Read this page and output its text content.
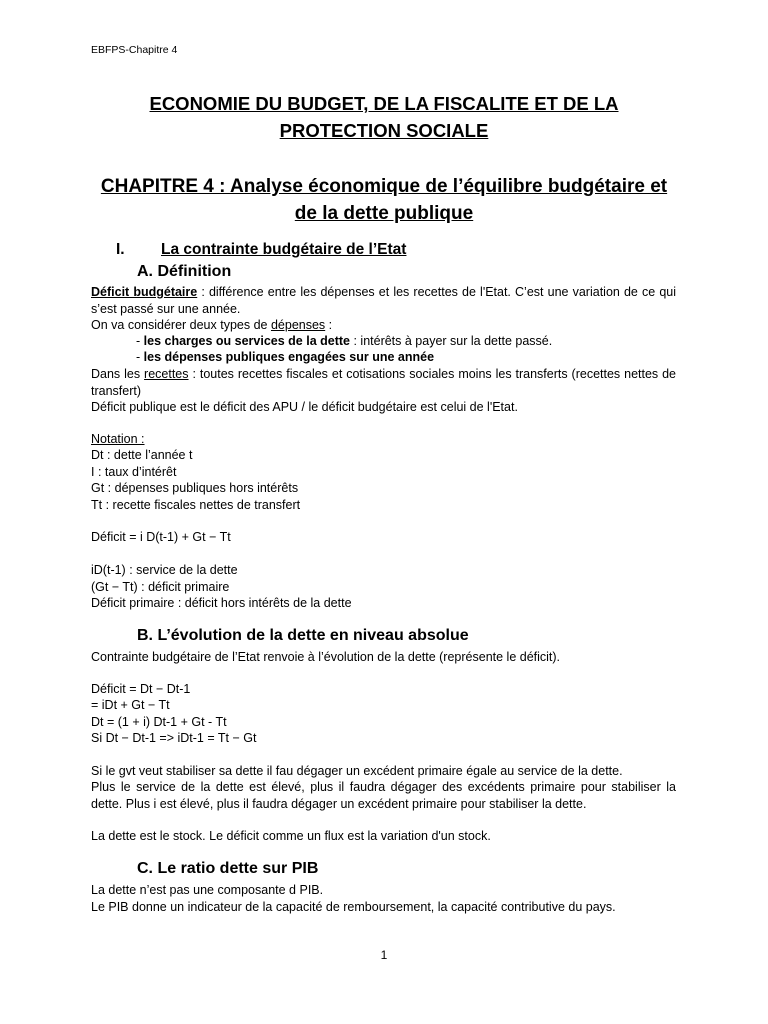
EBFPS-Chapitre 4
ECONOMIE DU BUDGET, DE LA FISCALITE ET DE LA PROTECTION SOCIALE
CHAPITRE 4 : Analyse économique de l’équilibre budgétaire et de la dette publique
I. La contrainte budgétaire de l’Etat
A. Définition
Déficit budgétaire : différence entre les dépenses et les recettes de l'Etat. C’est une variation de ce qui s’est passé sur une année.
On va considérer deux types de dépenses :
- les charges ou services de la dette : intérêts à payer sur la dette passé.
- les dépenses publiques engagées sur une année
Dans les recettes : toutes recettes fiscales et cotisations sociales moins les transferts (recettes nettes de transfert)
Déficit publique est le déficit des APU / le déficit budgétaire est celui de l'Etat.
Notation :
Dt : dette l’année t
I : taux d’intérêt
Gt : dépenses publiques hors intérêts
Tt : recette fiscales nettes de transfert
Déficit = i D(t-1) + Gt − Tt
iD(t-1) : service de la dette
(Gt − Tt) : déficit primaire
Déficit primaire : déficit hors intérêts de la dette
B. L’évolution de la dette en niveau absolue
Contrainte budgétaire de l’Etat renvoie à l’évolution de la dette (représente le déficit).
Déficit = Dt − Dt-1
= iDt + Gt − Tt
Dt = (1 + i) Dt-1 + Gt - Tt
Si Dt − Dt-1 => iDt-1 = Tt − Gt
Si le gvt veut stabiliser sa dette il fau dégager un excédent primaire égale au service de la dette.
Plus le service de la dette est élevé, plus il faudra dégager des excédents primaire pour stabiliser la dette. Plus i est élevé, plus il faudra dégager un excédent primaire pour stabiliser la dette.
La dette est le stock. Le déficit comme un flux est la variation d'un stock.
C. Le ratio dette sur PIB
La dette n’est pas une composante d PIB.
Le PIB donne un indicateur de la capacité de remboursement, la capacité contributive du pays.
1
